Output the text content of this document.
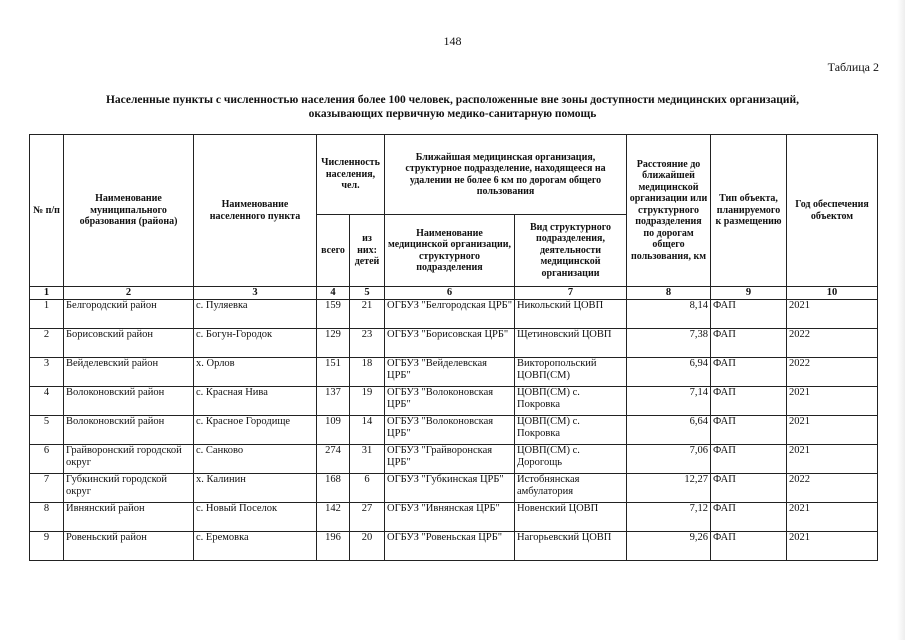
148
Таблица 2
Населенные пункты с численностью населения более 100 человек, расположенные вне зоны доступности медицинских организаций,
оказывающих первичную медико-санитарную помощь
№ п/п	Наименование муниципального образования (района)	Наименование населенного пункта	Численность населения, чел.		Ближайшая медицинская организация, структурное подразделение, находящееся на удалении не более 6 км по дорогам общего пользования		Расстояние до ближайшей медицинской организации или структурного подразделения по дорогам общего пользования, км	Тип объекта, планируемого к размещению	Год обеспечения объектом
			всего	из них: детей	Наименование медицинской организации, структурного подразделения	Вид структурного подразделения, деятельности медицинской организации			
1	2	3	4	5	6	7	8	9	10
1	Белгородский район	с. Пуляевка	159	21	ОГБУЗ "Белгородская ЦРБ"	Никольский ЦОВП	8,14	ФАП	2021
2	Борисовский район	с. Богун-Городок	129	23	ОГБУЗ "Борисовская ЦРБ"	Щетиновский ЦОВП	7,38	ФАП	2022
3	Вейделевский район	х. Орлов	151	18	ОГБУЗ "Вейделевская ЦРБ"	Викторопольский ЦОВП(СМ)	6,94	ФАП	2022
4	Волоконовский район	с. Красная Нива	137	19	ОГБУЗ "Волоконовская ЦРБ"	ЦОВП(СМ) с. Покровка	7,14	ФАП	2021
5	Волоконовский район	с. Красное Городище	109	14	ОГБУЗ "Волоконовская ЦРБ"	ЦОВП(СМ) с. Покровка	6,64	ФАП	2021
6	Грайворонский городской округ	с. Санково	274	31	ОГБУЗ "Грайворонская ЦРБ"	ЦОВП(СМ) с. Дорогощь	7,06	ФАП	2021
7	Губкинский городской округ	х. Калинин	168	6	ОГБУЗ "Губкинская ЦРБ"	Истобнянская амбулатория	12,27	ФАП	2022
8	Ивнянский район	с. Новый Поселок	142	27	ОГБУЗ "Ивнянская ЦРБ"	Новенский ЦОВП	7,12	ФАП	2021
9	Ровеньский район	с. Еремовка	196	20	ОГБУЗ "Ровеньская ЦРБ"	Нагорьевский ЦОВП	9,26	ФАП	2021
